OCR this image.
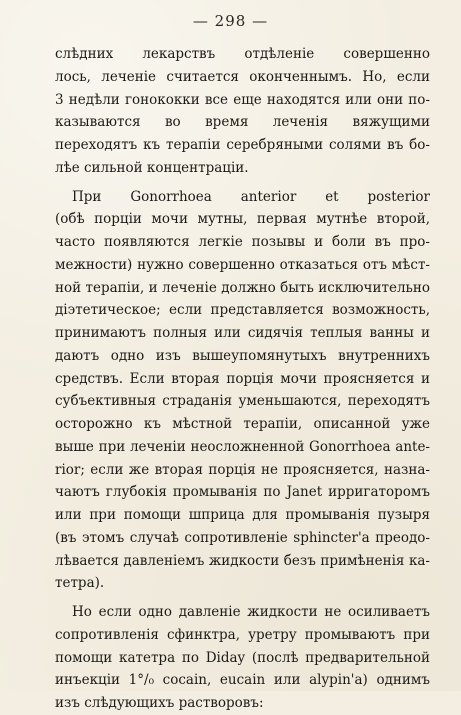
— 298 —
слѣдних лекарствъ отдѣленіе совершенно
лось, леченіе считается оконченнымъ. Но, если
3 недѣли гонококки все еще находятся или они по-
казываются во время леченія вяжущими
переходятъ къ терапіи серебряными солями въ бо-
лѣе сильной концентраціи.
При Gonorrhoea anterior et posterior
(обѣ порціи мочи мутны, первая мутнѣе второй,
часто появляются легкіе позывы и боли въ про-
межности) нужно совершенно отказаться отъ мѣст-
ной терапіи, и леченіе должно быть исключительно
діэтетическое; если представляется возможность,
принимаютъ полныя или сидячія теплыя ванны и
даютъ одно изъ вышеупомянутыхъ внутреннихъ
средствъ. Если вторая порція мочи проясняется и
субъективныя страданія уменьшаются, переходятъ
осторожно къ мѣстной терапіи, описанной уже
выше при леченіи неосложненной Gonorrhoea ante-
rior; если же вторая порція не проясняется, назна-
чаютъ глубокія промыванія по Janet ирригаторомъ
или при помощи шприца для промыванія пузыря
(въ этомъ случаѣ сопротивленіе sphincter'a преодо-
лѣвается давленіемъ жидкости безъ примѣненія ка-
тетра).
Но если одно давленіе жидкости не осиливаетъ
сопротивленія сфинктра, уретру промываютъ при
помощи катетра по Diday (послѣ предварительной
инъекціи 1°/₀ cocain, eucain или alypin'a) однимъ
изъ слѣдующихъ растворовъ:
